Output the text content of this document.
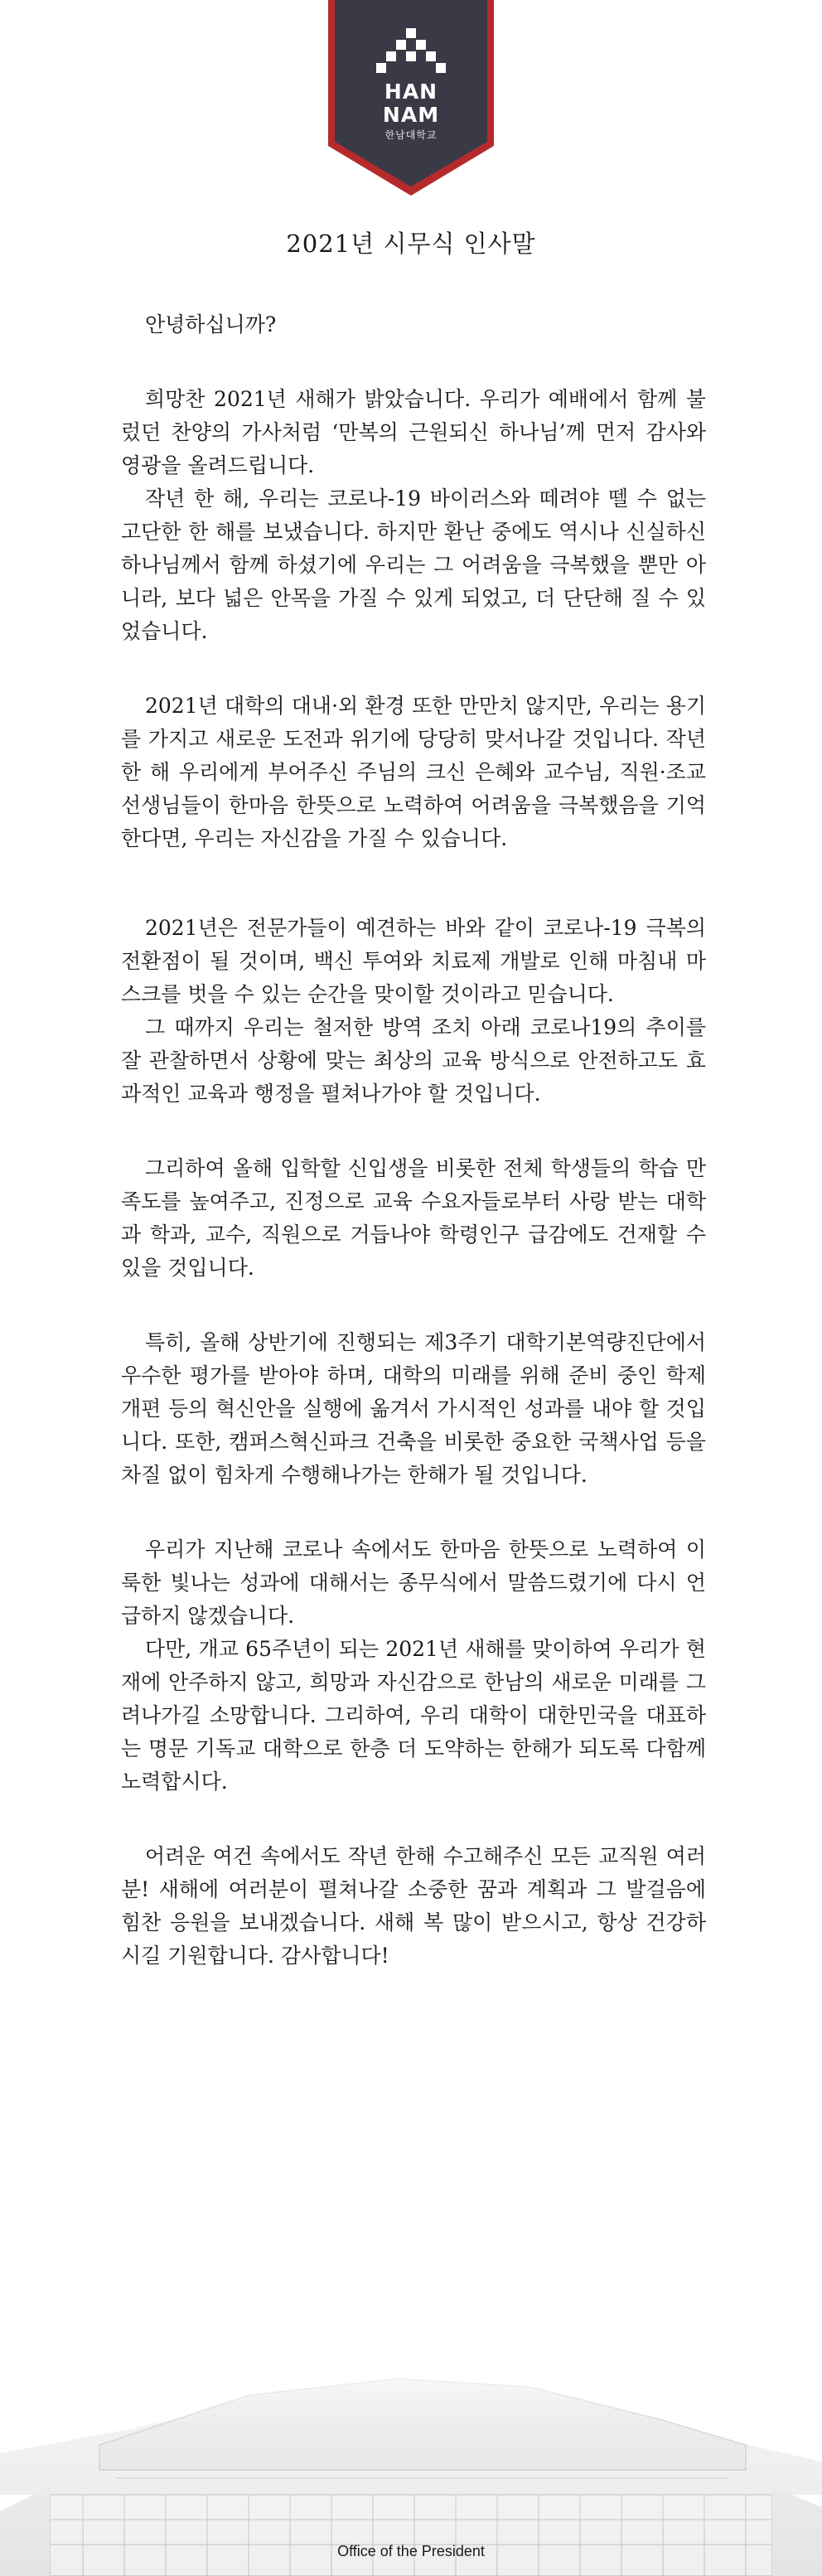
HAN
NAM
한남대학교
2021년 시무식 인사말

안녕하십니까?

희망찬 2021년 새해가 밝았습니다. 우리가 예배에서 함께 불렀던 찬양의 가사처럼 ‘만복의 근원되신 하나님’께 먼저 감사와 영광을 올려드립니다.

작년 한 해, 우리는 코로나-19 바이러스와 떼려야 뗄 수 없는 고단한 한 해를 보냈습니다. 하지만 환난 중에도 역시나 신실하신 하나님께서 함께 하셨기에 우리는 그 어려움을 극복했을 뿐만 아니라, 보다 넓은 안목을 가질 수 있게 되었고, 더 단단해 질 수 있었습니다.

2021년 대학의 대내·외 환경 또한 만만치 않지만, 우리는 용기를 가지고 새로운 도전과 위기에 당당히 맞서나갈 것입니다. 작년 한 해 우리에게 부어주신 주님의 크신 은혜와 교수님, 직원·조교 선생님들이 한마음 한뜻으로 노력하여 어려움을 극복했음을 기억한다면, 우리는 자신감을 가질 수 있습니다.

2021년은 전문가들이 예견하는 바와 같이 코로나-19 극복의 전환점이 될 것이며, 백신 투여와 치료제 개발로 인해 마침내 마스크를 벗을 수 있는 순간을 맞이할 것이라고 믿습니다.

그 때까지 우리는 철저한 방역 조치 아래 코로나19의 추이를 잘 관찰하면서 상황에 맞는 최상의 교육 방식으로 안전하고도 효과적인 교육과 행정을 펼쳐나가야 할 것입니다.

그리하여 올해 입학할 신입생을 비롯한 전체 학생들의 학습 만족도를 높여주고, 진정으로 교육 수요자들로부터 사랑 받는 대학과 학과, 교수, 직원으로 거듭나야 학령인구 급감에도 건재할 수 있을 것입니다.

특히, 올해 상반기에 진행되는 제3주기 대학기본역량진단에서 우수한 평가를 받아야 하며, 대학의 미래를 위해 준비 중인 학제 개편 등의 혁신안을 실행에 옮겨서 가시적인 성과를 내야 할 것입니다. 또한, 캠퍼스혁신파크 건축을 비롯한 중요한 국책사업 등을 차질 없이 힘차게 수행해나가는 한해가 될 것입니다.

우리가 지난해 코로나 속에서도 한마음 한뜻으로 노력하여 이룩한 빛나는 성과에 대해서는 종무식에서 말씀드렸기에 다시 언급하지 않겠습니다.

다만, 개교 65주년이 되는 2021년 새해를 맞이하여 우리가 현재에 안주하지 않고, 희망과 자신감으로 한남의 새로운 미래를 그려나가길 소망합니다. 그리하여, 우리 대학이 대한민국을 대표하는 명문 기독교 대학으로 한층 더 도약하는 한해가 되도록 다함께 노력합시다.

어려운 여건 속에서도 작년 한해 수고해주신 모든 교직원 여러분! 새해에 여러분이 펼쳐나갈 소중한 꿈과 계획과 그 발걸음에 힘찬 응원을 보내겠습니다. 새해 복 많이 받으시고, 항상 건강하시길 기원합니다. 감사합니다!

Office of the President
